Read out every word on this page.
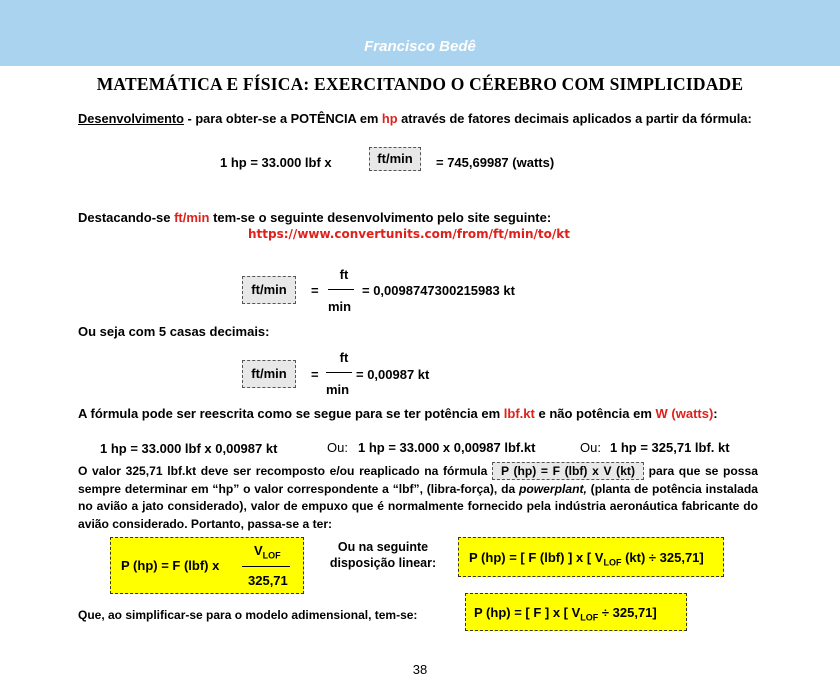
Francisco Bedê
MATEMÁTICA E FÍSICA: EXERCITANDO O CÉREBRO COM SIMPLICIDADE
Desenvolvimento - para obter-se a POTÊNCIA em hp através de fatores decimais aplicados a partir da fórmula:
1 hp = 33.000 lbf x	ft/min	= 745,69987 (watts)
Destacando-se ft/min tem-se o seguinte desenvolvimento pelo site seguinte:
https://www.convertunits.com/from/ft/min/to/kt
ft/min	=
ft
min
= 0,0098747300215983 kt
Ou seja com 5 casas decimais:
ft/min	=
ft
min
= 0,00987 kt
A fórmula pode ser reescrita como se segue para se ter potência em lbf.kt e não potência em W (watts):
1 hp = 33.000 lbf x 0,00987 kt	Ou: 1 hp = 33.000 x 0,00987 lbf.kt	Ou: 1 hp = 325,71 lbf. kt
O valor 325,71 lbf.kt deve ser recomposto e/ou reaplicado na fórmula P (hp) = F (lbf) x V (kt) para que se possa sempre determinar em “hp” o valor correspondente a “lbf”, (libra-força), da powerplant, (planta de potência instalada no avião a jato considerado), valor de empuxo que é normalmente fornecido pela indústria aeronáutica fabricante do avião considerado. Portanto, passa-se a ter:
P (hp) = F (lbf) x
$V_{LOF}$
325,71
Ou na seguinte
disposição linear:	P (hp) = [ F (lbf) ] x [ $V_{LOF}$ (kt) ÷ 325,71]
Que, ao simplificar-se para o modelo adimensional, tem-se:	P (hp) = [ F ] x [ $V_{LOF} \div 325,71$]
38
